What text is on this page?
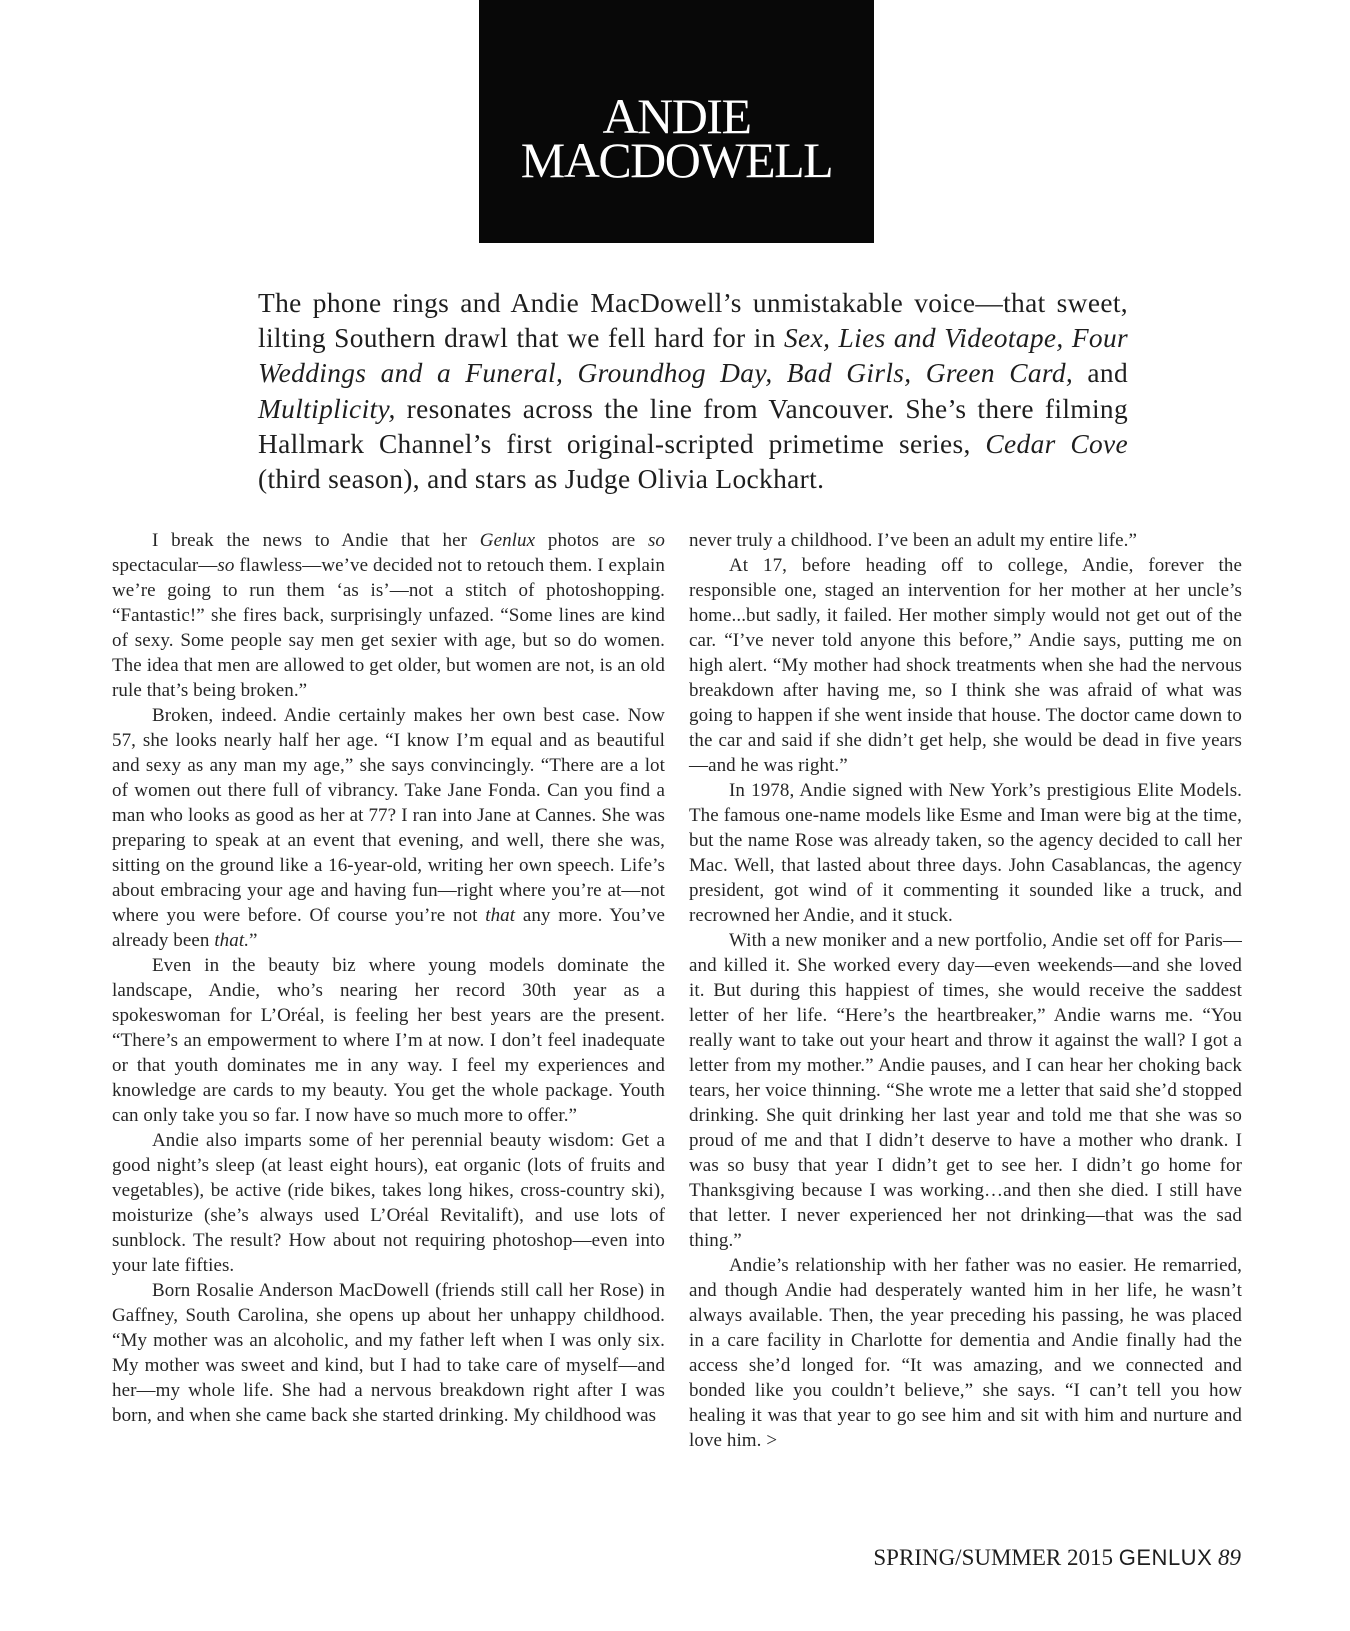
ANDIE
MACDOWELL

The phone rings and Andie MacDowell’s unmistakable voice—that sweet, lilting Southern drawl that we fell hard for in Sex, Lies and Videotape, Four Weddings and a Funeral, Groundhog Day, Bad Girls, Green Card, and Multiplicity, resonates across the line from Vancouver. She’s there filming Hallmark Channel’s first original-scripted primetime series, Cedar Cove (third season), and stars as Judge Olivia Lockhart.

I break the news to Andie that her Genlux photos are so spectacular—so flawless—we’ve decided not to retouch them. I explain we’re going to run them ‘as is’—not a stitch of photoshopping. “Fantastic!” she fires back, surprisingly unfazed. “Some lines are kind of sexy. Some people say men get sexier with age, but so do women. The idea that men are allowed to get older, but women are not, is an old rule that’s being broken.”

Broken, indeed. Andie certainly makes her own best case. Now 57, she looks nearly half her age. “I know I’m equal and as beautiful and sexy as any man my age,” she says convincingly. “There are a lot of women out there full of vibrancy. Take Jane Fonda. Can you find a man who looks as good as her at 77? I ran into Jane at Cannes. She was preparing to speak at an event that evening, and well, there she was, sitting on the ground like a 16-year-old, writing her own speech. Life’s about embracing your age and having fun—right where you’re at—not where you were before. Of course you’re not that any more. You’ve already been that.”

Even in the beauty biz where young models dominate the landscape, Andie, who’s nearing her record 30th year as a spokeswoman for L’Oréal, is feeling her best years are the present. “There’s an empowerment to where I’m at now. I don’t feel inadequate or that youth dominates me in any way. I feel my experiences and knowledge are cards to my beauty. You get the whole package. Youth can only take you so far. I now have so much more to offer.”

Andie also imparts some of her perennial beauty wisdom: Get a good night’s sleep (at least eight hours), eat organic (lots of fruits and vegetables), be active (ride bikes, takes long hikes, cross-country ski), moisturize (she’s always used L’Oréal Revitalift), and use lots of sunblock. The result? How about not requiring photoshop—even into your late fifties.

Born Rosalie Anderson MacDowell (friends still call her Rose) in Gaffney, South Carolina, she opens up about her unhappy childhood. “My mother was an alcoholic, and my father left when I was only six. My mother was sweet and kind, but I had to take care of myself—and her—my whole life. She had a nervous breakdown right after I was born, and when she came back she started drinking. My childhood was

never truly a childhood. I’ve been an adult my entire life.”

At 17, before heading off to college, Andie, forever the responsible one, staged an intervention for her mother at her uncle’s home...but sadly, it failed. Her mother simply would not get out of the car. “I’ve never told anyone this before,” Andie says, putting me on high alert. “My mother had shock treatments when she had the nervous breakdown after having me, so I think she was afraid of what was going to happen if she went inside that house. The doctor came down to the car and said if she didn’t get help, she would be dead in five years—and he was right.”

In 1978, Andie signed with New York’s prestigious Elite Models. The famous one-name models like Esme and Iman were big at the time, but the name Rose was already taken, so the agency decided to call her Mac. Well, that lasted about three days. John Casablancas, the agency president, got wind of it commenting it sounded like a truck, and recrowned her Andie, and it stuck.

With a new moniker and a new portfolio, Andie set off for Paris—and killed it. She worked every day—even weekends—and she loved it. But during this happiest of times, she would receive the saddest letter of her life. “Here’s the heartbreaker,” Andie warns me. “You really want to take out your heart and throw it against the wall? I got a letter from my mother.” Andie pauses, and I can hear her choking back tears, her voice thinning. “She wrote me a letter that said she’d stopped drinking. She quit drinking her last year and told me that she was so proud of me and that I didn’t deserve to have a mother who drank. I was so busy that year I didn’t get to see her. I didn’t go home for Thanksgiving because I was working…and then she died. I still have that letter. I never experienced her not drinking—that was the sad thing.”

Andie’s relationship with her father was no easier. He remarried, and though Andie had desperately wanted him in her life, he wasn’t always available. Then, the year preceding his passing, he was placed in a care facility in Charlotte for dementia and Andie finally had the access she’d longed for. “It was amazing, and we connected and bonded like you couldn’t believe,” she says. “I can’t tell you how healing it was that year to go see him and sit with him and nurture and love him. >

SPRING/SUMMER 2015 GENLUX 89
